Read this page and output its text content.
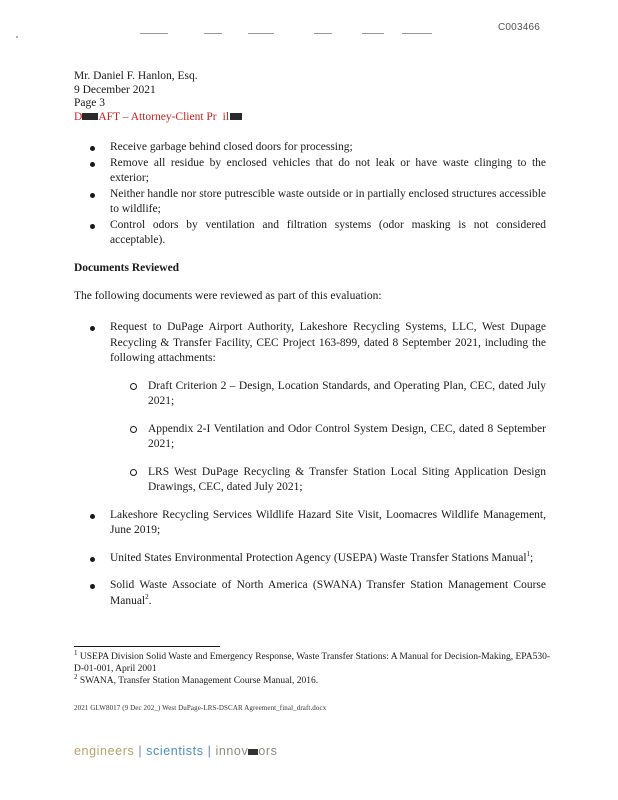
C003466
Mr. Daniel F. Hanlon, Esq.
9 December 2021
Page 3
D AFT – Attorney-Client Pr il
Receive garbage behind closed doors for processing;
Remove all residue by enclosed vehicles that do not leak or have waste clinging to the exterior;
Neither handle nor store putrescible waste outside or in partially enclosed structures accessible to wildlife;
Control odors by ventilation and filtration systems (odor masking is not considered acceptable).
Documents Reviewed
The following documents were reviewed as part of this evaluation:
Request to DuPage Airport Authority, Lakeshore Recycling Systems, LLC, West Dupage Recycling & Transfer Facility, CEC Project 163-899, dated 8 September 2021, including the following attachments:
Draft Criterion 2 – Design, Location Standards, and Operating Plan, CEC, dated July 2021;
Appendix 2-I Ventilation and Odor Control System Design, CEC, dated 8 September 2021;
LRS West DuPage Recycling & Transfer Station Local Siting Application Design Drawings, CEC, dated July 2021;
Lakeshore Recycling Services Wildlife Hazard Site Visit, Loomacres Wildlife Management, June 2019;
United States Environmental Protection Agency (USEPA) Waste Transfer Stations Manual$^1$;
Solid Waste Associate of North America (SWANA) Transfer Station Management Course Manual$^2$.
$^1$ USEPA Division Solid Waste and Emergency Response, Waste Transfer Stations: A Manual for Decision-Making, EPA530-D-01-001, April 2001
$^2$ SWANA, Transfer Station Management Course Manual, 2016.
2021 GLW8017 (9 Dec 202_) West DuPage-LRS-DSCAR Agreement_final_draft.docx
engineers | scientists | innov ors
